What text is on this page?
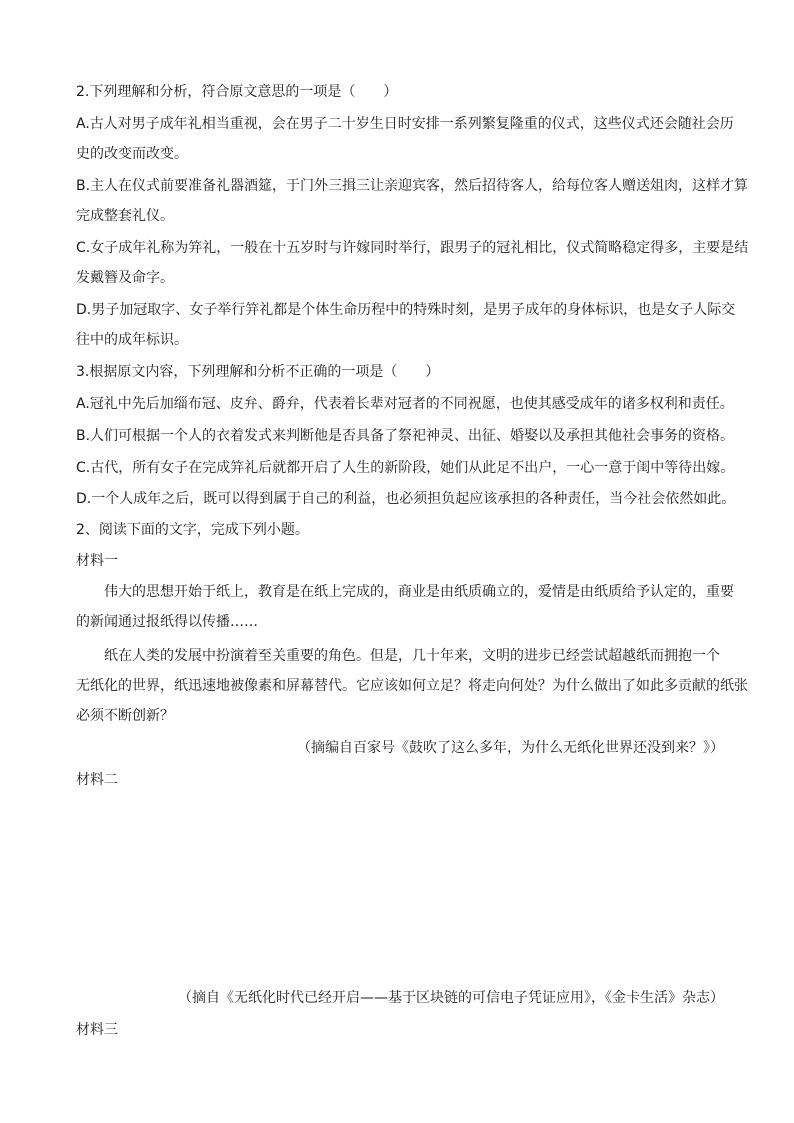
2.下列理解和分析，符合原文意思的一项是（　　）
A.古人对男子成年礼相当重视，会在男子二十岁生日时安排一系列繁复隆重的仪式，这些仪式还会随社会历
史的改变而改变。
B.主人在仪式前要准备礼器酒筵，于门外三揖三让亲迎宾客，然后招待客人，给每位客人赠送俎肉，这样才算
完成整套礼仪。
C.女子成年礼称为笄礼，一般在十五岁时与许嫁同时举行，跟男子的冠礼相比，仪式简略稳定得多，主要是结
发戴簪及命字。
D.男子加冠取字、女子举行笄礼都是个体生命历程中的特殊时刻，是男子成年的身体标识，也是女子人际交
往中的成年标识。
3.根据原文内容，下列理解和分析不正确的一项是（　　）
A.冠礼中先后加缁布冠、皮弁、爵弁，代表着长辈对冠者的不同祝愿，也使其感受成年的诸多权利和责任。
B.人们可根据一个人的衣着发式来判断他是否具备了祭祀神灵、出征、婚娶以及承担其他社会事务的资格。
C.古代，所有女子在完成笄礼后就都开启了人生的新阶段，她们从此足不出户，一心一意于闺中等待出嫁。
D.一个人成年之后，既可以得到属于自己的利益，也必须担负起应该承担的各种责任，当今社会依然如此。
2、阅读下面的文字，完成下列小题。
材料一
伟大的思想开始于纸上，教育是在纸上完成的，商业是由纸质确立的，爱情是由纸质给予认定的，重要
的新闻通过报纸得以传播……
纸在人类的发展中扮演着至关重要的角色。但是，几十年来，文明的进步已经尝试超越纸而拥抱一个
无纸化的世界，纸迅速地被像素和屏幕替代。它应该如何立足？将走向何处？为什么做出了如此多贡献的纸张
必须不断创新？
（摘编自百家号《鼓吹了这么多年，为什么无纸化世界还没到来？》）
材料二
（摘自《无纸化时代已经开启——基于区块链的可信电子凭证应用》，《金卡生活》杂志）
材料三
